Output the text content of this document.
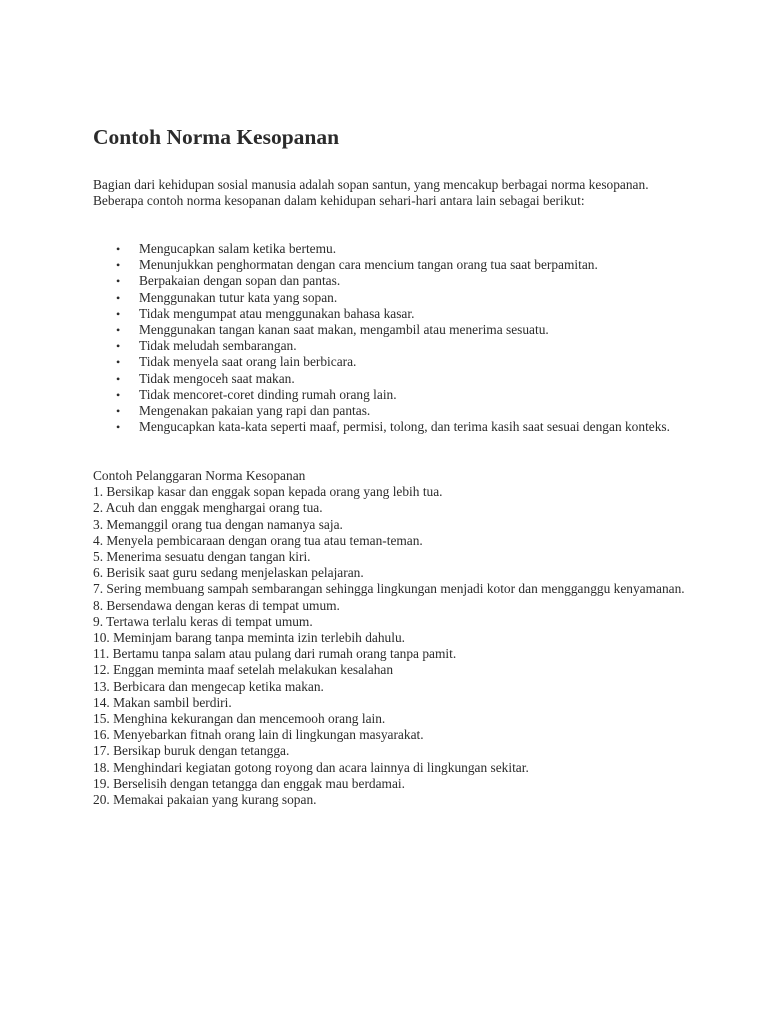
Contoh Norma Kesopanan

Bagian dari kehidupan sosial manusia adalah sopan santun, yang mencakup berbagai norma kesopanan. Beberapa contoh norma kesopanan dalam kehidupan sehari-hari antara lain sebagai berikut:

• Mengucapkan salam ketika bertemu.
• Menunjukkan penghormatan dengan cara mencium tangan orang tua saat berpamitan.
• Berpakaian dengan sopan dan pantas.
• Menggunakan tutur kata yang sopan.
• Tidak mengumpat atau menggunakan bahasa kasar.
• Menggunakan tangan kanan saat makan, mengambil atau menerima sesuatu.
• Tidak meludah sembarangan.
• Tidak menyela saat orang lain berbicara.
• Tidak mengoceh saat makan.
• Tidak mencoret-coret dinding rumah orang lain.
• Mengenakan pakaian yang rapi dan pantas.
• Mengucapkan kata-kata seperti maaf, permisi, tolong, dan terima kasih saat sesuai dengan konteks.

Contoh Pelanggaran Norma Kesopanan

1. Bersikap kasar dan enggak sopan kepada orang yang lebih tua.
2. Acuh dan enggak menghargai orang tua.
3. Memanggil orang tua dengan namanya saja.
4. Menyela pembicaraan dengan orang tua atau teman-teman.
5. Menerima sesuatu dengan tangan kiri.
6. Berisik saat guru sedang menjelaskan pelajaran.
7. Sering membuang sampah sembarangan sehingga lingkungan menjadi kotor dan mengganggu kenyamanan.
8. Bersendawa dengan keras di tempat umum.
9. Tertawa terlalu keras di tempat umum.
10. Meminjam barang tanpa meminta izin terlebih dahulu.
11. Bertamu tanpa salam atau pulang dari rumah orang tanpa pamit.
12. Enggan meminta maaf setelah melakukan kesalahan
13. Berbicara dan mengecap ketika makan.
14. Makan sambil berdiri.
15. Menghina kekurangan dan mencemooh orang lain.
16. Menyebarkan fitnah orang lain di lingkungan masyarakat.
17. Bersikap buruk dengan tetangga.
18. Menghindari kegiatan gotong royong dan acara lainnya di lingkungan sekitar.
19. Berselisih dengan tetangga dan enggak mau berdamai.
20. Memakai pakaian yang kurang sopan.
